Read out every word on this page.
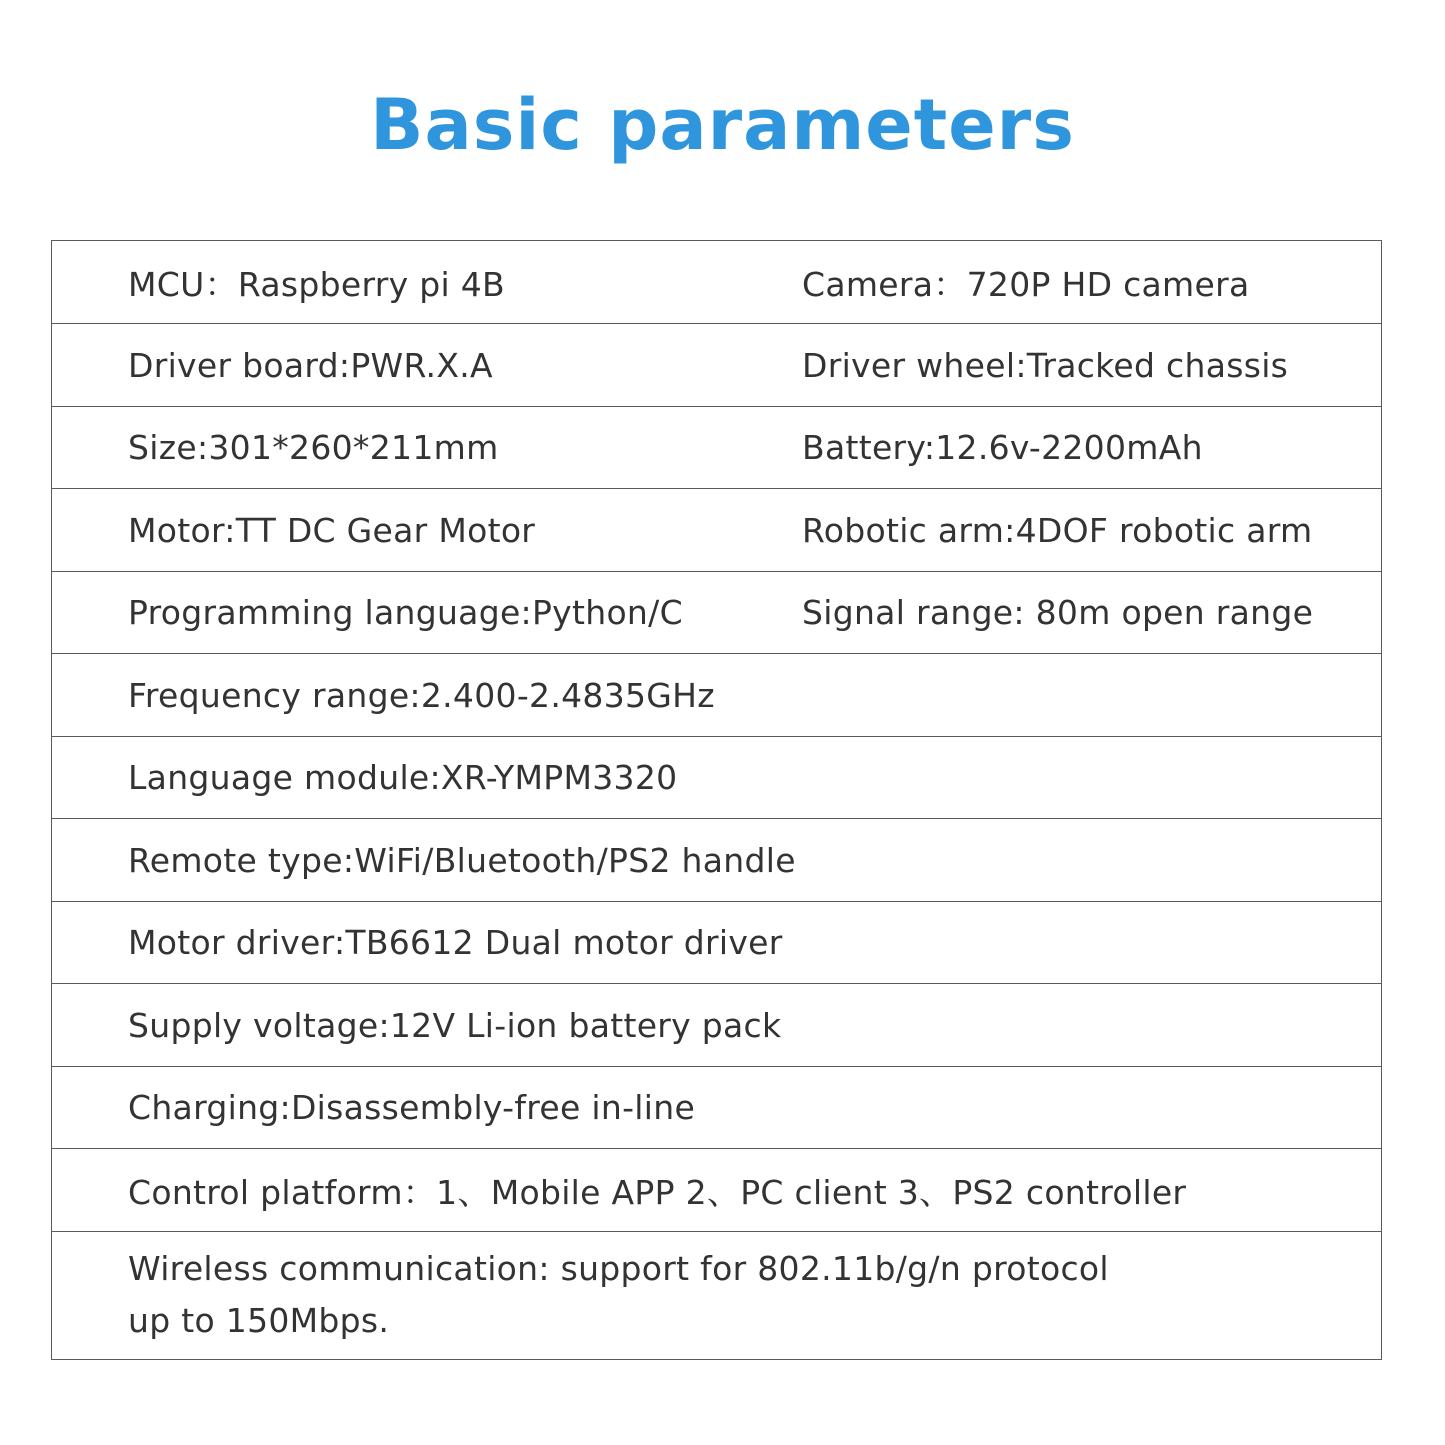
Basic parameters
MCU：Raspberry pi 4B	Camera：720P HD camera
Driver board:PWR.X.A	Driver wheel:Tracked chassis
Size:301*260*211mm	Battery:12.6v-2200mAh
Motor:TT DC Gear Motor	Robotic arm:4DOF robotic arm
Programming language:Python/C	Signal range: 80m open range
Frequency range:2.400-2.4835GHz
Language module:XR-YMPM3320
Remote type:WiFi/Bluetooth/PS2 handle
Motor driver:TB6612 Dual motor driver
Supply voltage:12V Li-ion battery pack
Charging:Disassembly-free in-line
Control platform：1、Mobile APP 2、PC client 3、PS2 controller
Wireless communication: support for 802.11b/g/n protocol
up to 150Mbps.
